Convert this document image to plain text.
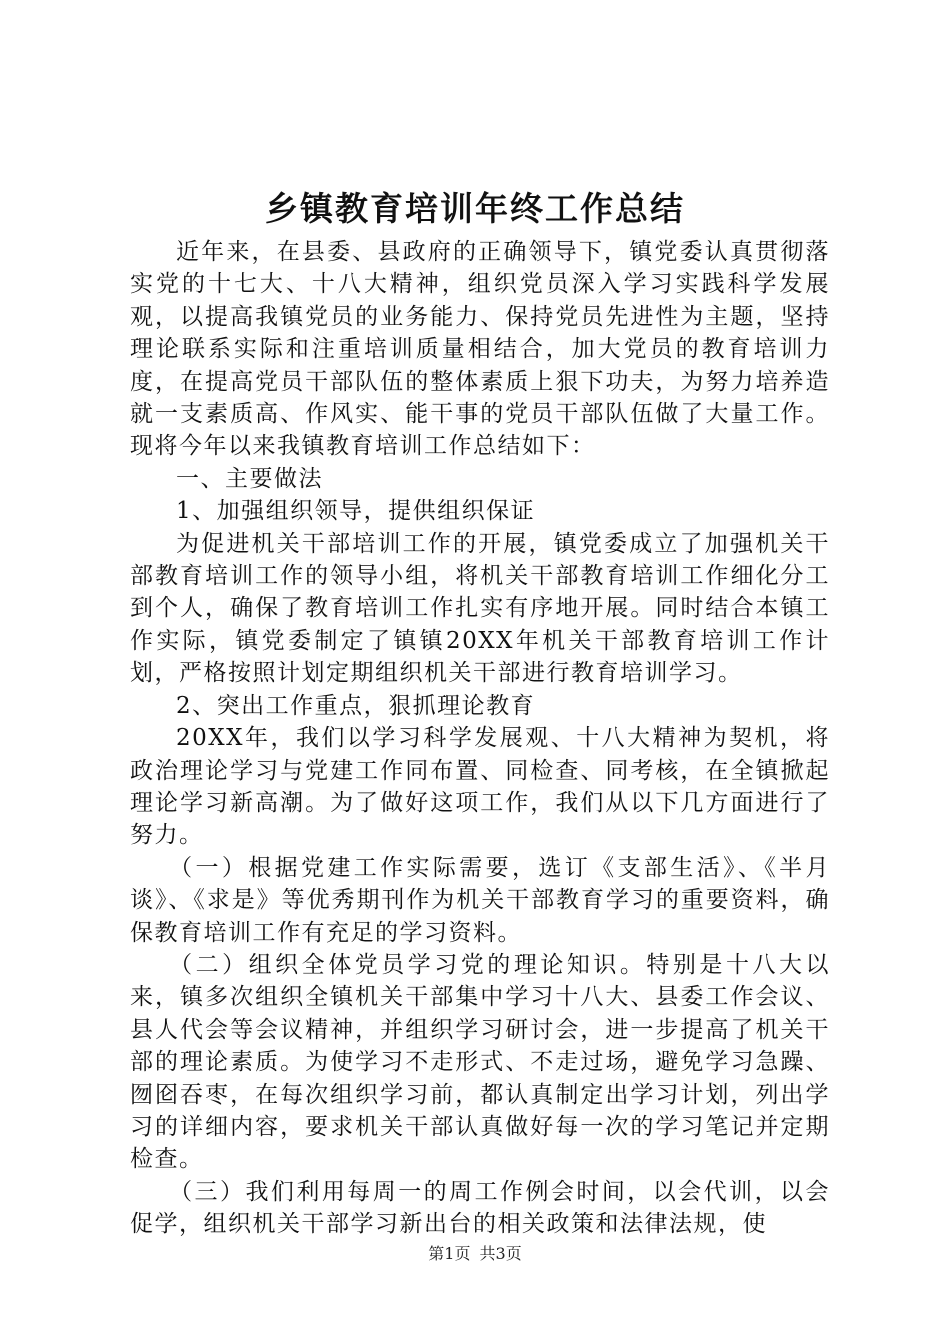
乡镇教育培训年终工作总结

近年来，在县委、县政府的正确领导下，镇党委认真贯彻落实党的十七大、十八大精神，组织党员深入学习实践科学发展观，以提高我镇党员的业务能力、保持党员先进性为主题，坚持理论联系实际和注重培训质量相结合，加大党员的教育培训力度，在提高党员干部队伍的整体素质上狠下功夫，为努力培养造就一支素质高、作风实、能干事的党员干部队伍做了大量工作。现将今年以来我镇教育培训工作总结如下：

一、主要做法

1、加强组织领导，提供组织保证

为促进机关干部培训工作的开展，镇党委成立了加强机关干部教育培训工作的领导小组，将机关干部教育培训工作细化分工到个人，确保了教育培训工作扎实有序地开展。同时结合本镇工作实际，镇党委制定了镇镇20XX年机关干部教育培训工作计划，严格按照计划定期组织机关干部进行教育培训学习。

2、突出工作重点，狠抓理论教育

20XX年，我们以学习科学发展观、十八大精神为契机，将政治理论学习与党建工作同布置、同检查、同考核，在全镇掀起理论学习新高潮。为了做好这项工作，我们从以下几方面进行了努力。

（一）根据党建工作实际需要，选订《支部生活》、《半月谈》、《求是》等优秀期刊作为机关干部教育学习的重要资料，确保教育培训工作有充足的学习资料。

（二）组织全体党员学习党的理论知识。特别是十八大以来，镇多次组织全镇机关干部集中学习十八大、县委工作会议、县人代会等会议精神，并组织学习研讨会，进一步提高了机关干部的理论素质。为使学习不走形式、不走过场，避免学习急躁、囫囵吞枣，在每次组织学习前，都认真制定出学习计划，列出学习的详细内容，要求机关干部认真做好每一次的学习笔记并定期检查。

（三）我们利用每周一的周工作例会时间，以会代训，以会促学，组织机关干部学习新出台的相关政策和法律法规，使

第1页 共3页
